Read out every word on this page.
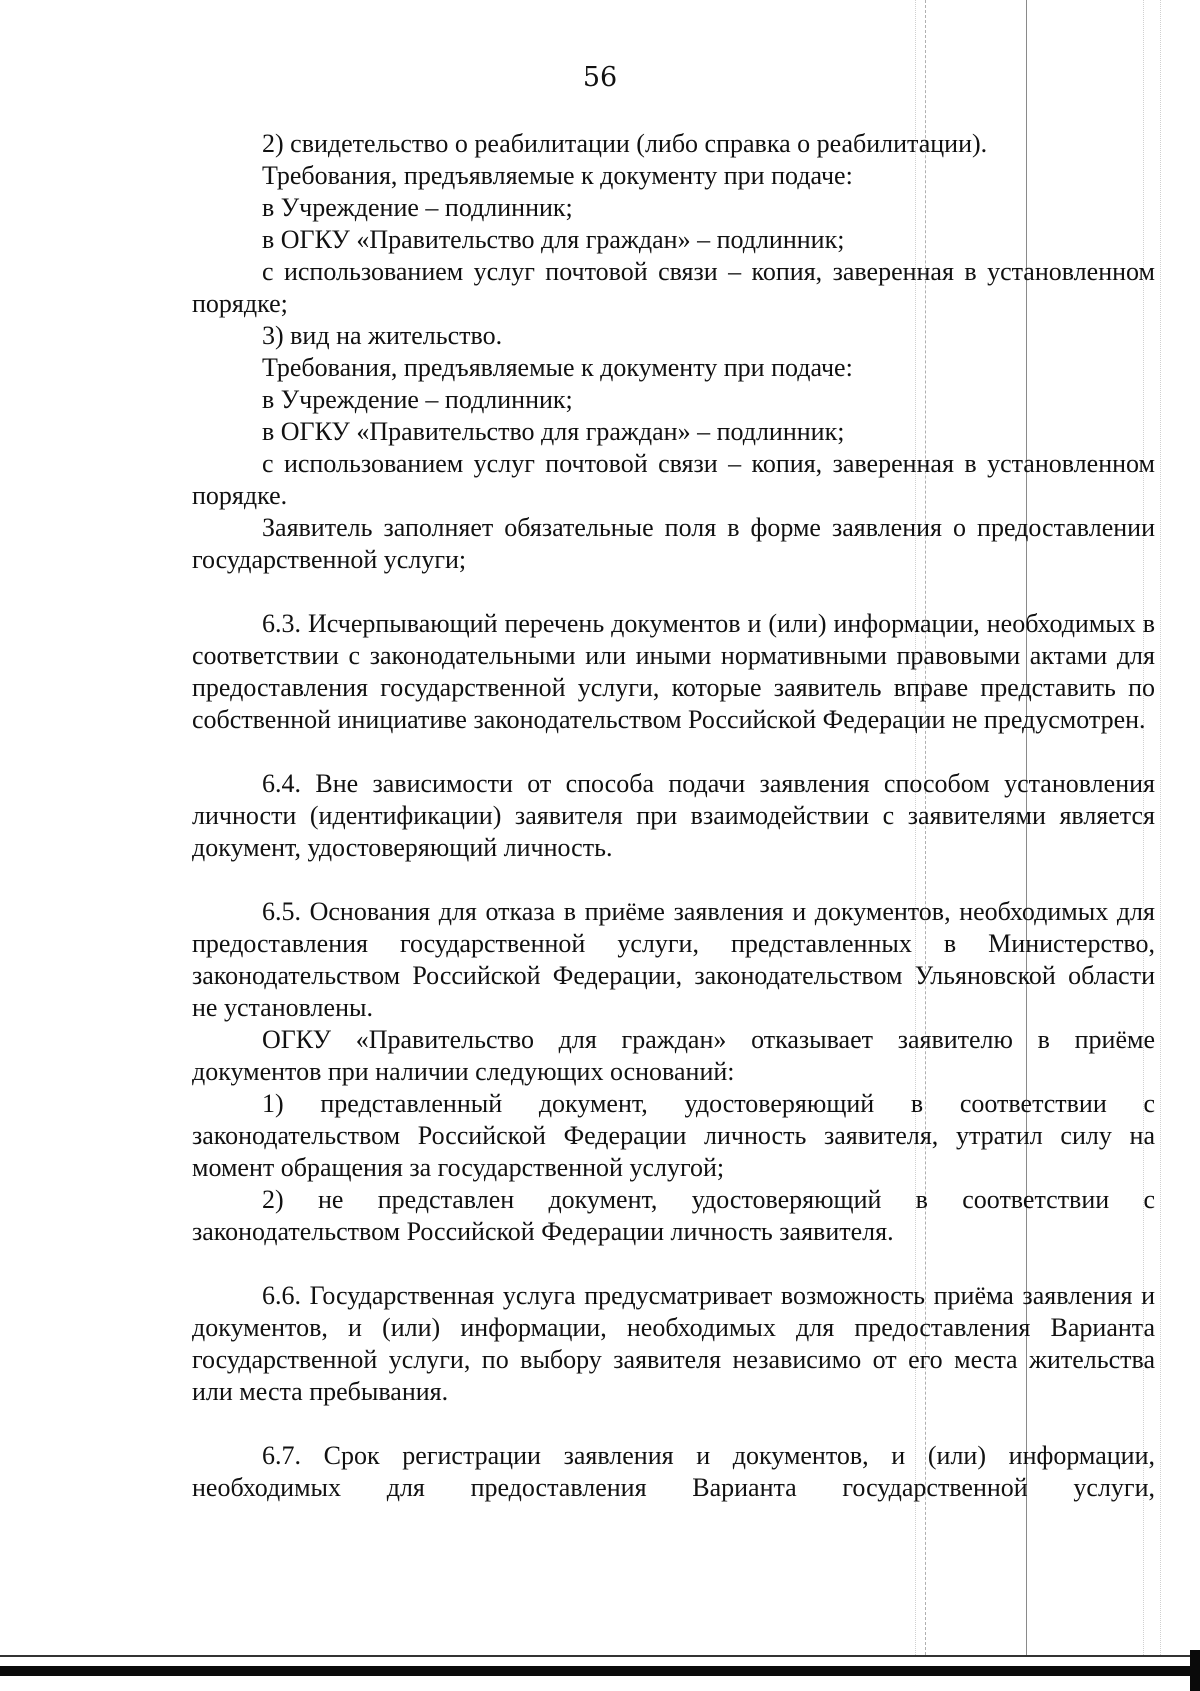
56

2) свидетельство о реабилитации (либо справка о реабилитации).

Требования, предъявляемые к документу при подаче:

в Учреждение – подлинник;

в ОГКУ «Правительство для граждан» – подлинник;

с использованием услуг почтовой связи – копия, заверенная в установленном порядке;

3) вид на жительство.

Требования, предъявляемые к документу при подаче:

в Учреждение – подлинник;

в ОГКУ «Правительство для граждан» – подлинник;

с использованием услуг почтовой связи – копия, заверенная в установленном порядке.

Заявитель заполняет обязательные поля в форме заявления о предоставлении государственной услуги;

6.3. Исчерпывающий перечень документов и (или) информации, необходимых в соответствии с законодательными или иными нормативными правовыми актами для предоставления государственной услуги, которые заявитель вправе представить по собственной инициативе законодательством Российской Федерации не предусмотрен.

6.4. Вне зависимости от способа подачи заявления способом установления личности (идентификации) заявителя при взаимодействии с заявителями является документ, удостоверяющий личность.

6.5. Основания для отказа в приёме заявления и документов, необходимых для предоставления государственной услуги, представленных в Министерство, законодательством Российской Федерации, законодательством Ульяновской области не установлены.

ОГКУ «Правительство для граждан» отказывает заявителю в приёме документов при наличии следующих оснований:

1) представленный документ, удостоверяющий в соответствии с законодательством Российской Федерации личность заявителя, утратил силу на момент обращения за государственной услугой;

2) не представлен документ, удостоверяющий в соответствии с законодательством Российской Федерации личность заявителя.

6.6. Государственная услуга предусматривает возможность приёма заявления и документов, и (или) информации, необходимых для предоставления Варианта государственной услуги, по выбору заявителя независимо от его места жительства или места пребывания.

6.7. Срок регистрации заявления и документов, и (или) информации, необходимых для предоставления Варианта государственной услуги,
